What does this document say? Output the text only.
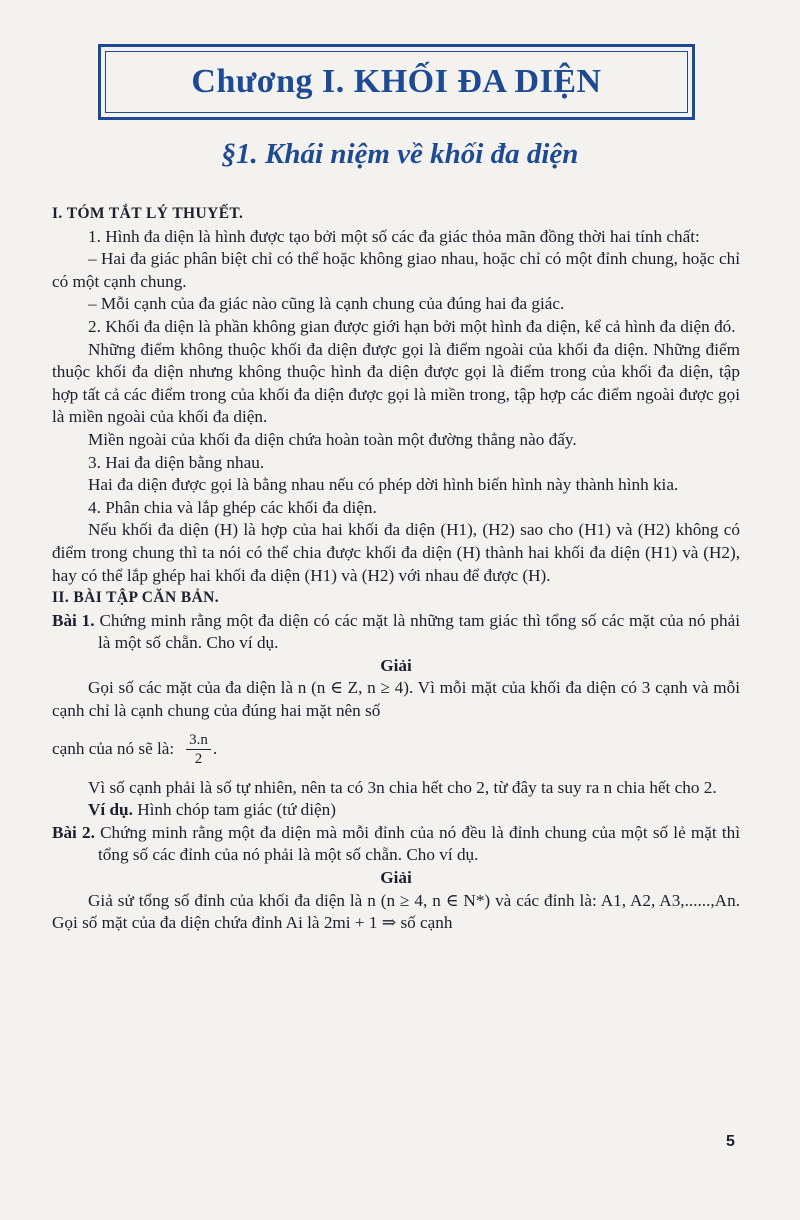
Chương I. KHỐI ĐA DIỆN
§1. Khái niệm về khối đa diện

I. TÓM TẮT LÝ THUYẾT.

1. Hình đa diện là hình được tạo bởi một số các đa giác thỏa mãn đồng thời hai tính chất:

– Hai đa giác phân biệt chỉ có thể hoặc không giao nhau, hoặc chỉ có một đỉnh chung, hoặc chỉ có một cạnh chung.

– Mỗi cạnh của đa giác nào cũng là cạnh chung của đúng hai đa giác.

2. Khối đa diện là phần không gian được giới hạn bởi một hình đa diện, kể cả hình đa diện đó.

Những điểm không thuộc khối đa diện được gọi là điểm ngoài của khối đa diện. Những điểm thuộc khối đa diện nhưng không thuộc hình đa diện được gọi là điểm trong của khối đa diện, tập hợp tất cả các điểm trong của khối đa diện được gọi là miền trong, tập hợp các điểm ngoài được gọi là miền ngoài của khối đa diện.

Miền ngoài của khối đa diện chứa hoàn toàn một đường thẳng nào đấy.

3. Hai đa diện bằng nhau.

Hai đa diện được gọi là bằng nhau nếu có phép dời hình biến hình này thành hình kia.

4. Phân chia và lắp ghép các khối đa diện.

Nếu khối đa diện (H) là hợp của hai khối đa diện (H1), (H2) sao cho (H1) và (H2) không có điểm trong chung thì ta nói có thể chia được khối đa diện (H) thành hai khối đa diện (H1) và (H2), hay có thể lắp ghép hai khối đa diện (H1) và (H2) với nhau để được (H).

II. BÀI TẬP CĂN BẢN.

Bài 1. Chứng minh rằng một đa diện có các mặt là những tam giác thì tổng số các mặt của nó phải là một số chẵn. Cho ví dụ.

Giải

Gọi số các mặt của đa diện là n (n ∈ Z, n ≥ 4). Vì mỗi mặt của khối đa diện có 3 cạnh và mỗi cạnh chỉ là cạnh chung của đúng hai mặt nên số

cạnh của nó sẽ là: $\frac{3.n}{2}$ .

Vì số cạnh phải là số tự nhiên, nên ta có 3n chia hết cho 2, từ đây ta suy ra n chia hết cho 2.

Ví dụ. Hình chóp tam giác (tứ diện)

Bài 2. Chứng minh rằng một đa diện mà mỗi đỉnh của nó đều là đỉnh chung của một số lẻ mặt thì tổng số các đỉnh của nó phải là một số chẵn. Cho ví dụ.

Giải

Giả sử tổng số đỉnh của khối đa diện là n (n ≥ 4, n ∈ N*) và các đỉnh là: A1, A2, A3,......,An. Gọi số mặt của đa diện chứa đỉnh Ai là 2mi + 1 ⇒ số cạnh

5
